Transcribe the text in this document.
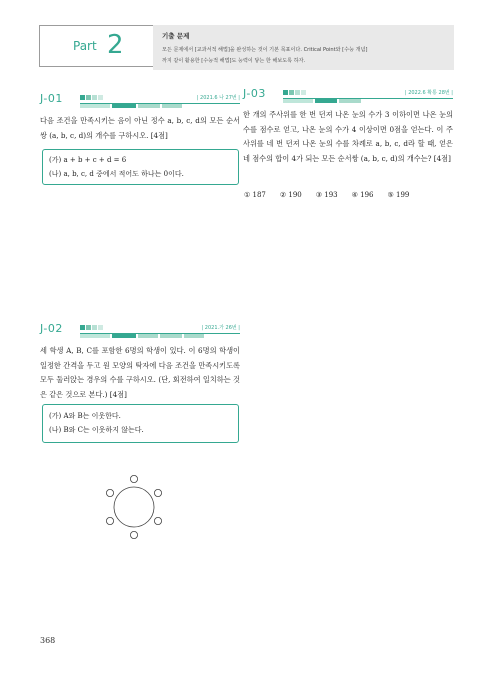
Part 2	기출 문제
모든 문제에서 [교과서적 해법]을 완성하는 것이 기본 목표이다. Critical Point와 [수능 개념]
까지 같이 활용한 [수능적 해법]도 능력이 닿는 한 해보도록 하자.
J-01	| 2021.6 나 27번 |
다음 조건을 만족시키는 음이 아닌 정수 a, b, c, d의 모든 순서쌍 (a, b, c, d)의 개수를 구하시오. [4점]
(가) a + b + c + d = 6
(나) a, b, c, d 중에서 적어도 하나는 0이다.
J-03	| 2022.6 확통 28번 |
한 개의 주사위를 한 번 던져 나온 눈의 수가 3 이하이면 나온 눈의 수를 점수로 얻고, 나온 눈의 수가 4 이상이면 0점을 얻는다. 이 주사위를 네 번 던져 나온 눈의 수를 차례로 a, b, c, d라 할 때, 얻은 네 점수의 합이 4가 되는 모든 순서쌍 (a, b, c, d)의 개수는? [4점]
① 187 ② 190 ③ 193 ④ 196 ⑤ 199
J-02	| 2021.가 26번 |
세 학생 A, B, C를 포함한 6명의 학생이 있다. 이 6명의 학생이 일정한 간격을 두고 원 모양의 탁자에 다음 조건을 만족시키도록 모두 둘러앉는 경우의 수를 구하시오. (단, 회전하여 일치하는 것은 같은 것으로 본다.) [4점]
(가) A와 B는 이웃한다.
(나) B와 C는 이웃하지 않는다.
368
